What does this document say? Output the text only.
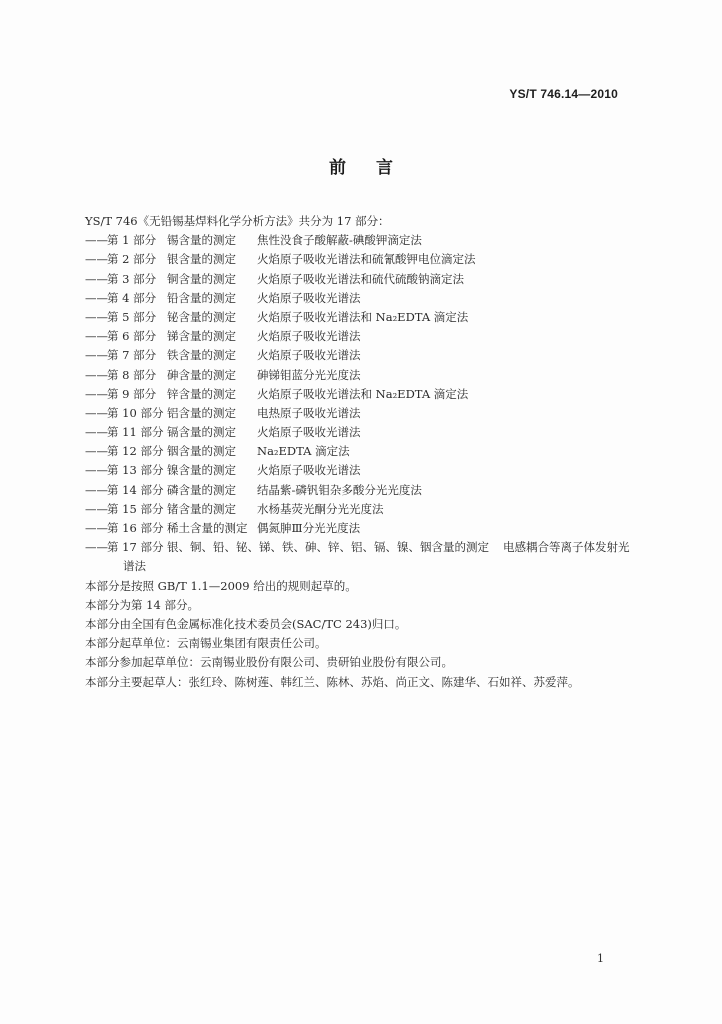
YS/T 746.14—2010
前言
YS/T 746《无铅锡基焊料化学分析方法》共分为 17 部分：
—— 第 1 部分 锡含量的测定	焦性没食子酸解蔽-碘酸钾滴定法
—— 第 2 部分 银含量的测定	火焰原子吸收光谱法和硫氰酸钾电位滴定法
—— 第 3 部分 铜含量的测定	火焰原子吸收光谱法和硫代硫酸钠滴定法
—— 第 4 部分 铅含量的测定	火焰原子吸收光谱法
—— 第 5 部分 铋含量的测定	火焰原子吸收光谱法和 Na₂EDTA 滴定法
—— 第 6 部分 锑含量的测定	火焰原子吸收光谱法
—— 第 7 部分 铁含量的测定	火焰原子吸收光谱法
—— 第 8 部分 砷含量的测定	砷锑钼蓝分光光度法
—— 第 9 部分 锌含量的测定	火焰原子吸收光谱法和 Na₂EDTA 滴定法
—— 第 10 部分 铝含量的测定	电热原子吸收光谱法
—— 第 11 部分 镉含量的测定	火焰原子吸收光谱法
—— 第 12 部分 铟含量的测定	Na₂EDTA 滴定法
—— 第 13 部分 镍含量的测定	火焰原子吸收光谱法
—— 第 14 部分 磷含量的测定	结晶紫-磷钒钼杂多酸分光光度法
—— 第 15 部分 锗含量的测定	水杨基荧光酮分光光度法
—— 第 16 部分 稀土含量的测定 偶氮胂Ⅲ分光光度法
—— 第 17 部分 银、铜、铅、铋、锑、铁、砷、锌、铝、镉、镍、铟含量的测定 电感耦合等离子体发射光
谱法
本部分是按照 GB/T 1.1—2009 给出的规则起草的。
本部分为第 14 部分。
本部分由全国有色金属标准化技术委员会(SAC/TC 243)归口。
本部分起草单位：云南锡业集团有限责任公司。
本部分参加起草单位：云南锡业股份有限公司、贵研铂业股份有限公司。
本部分主要起草人：张红玲、陈树莲、韩红兰、陈林、苏焰、尚正文、陈建华、石如祥、苏爱萍。
1
